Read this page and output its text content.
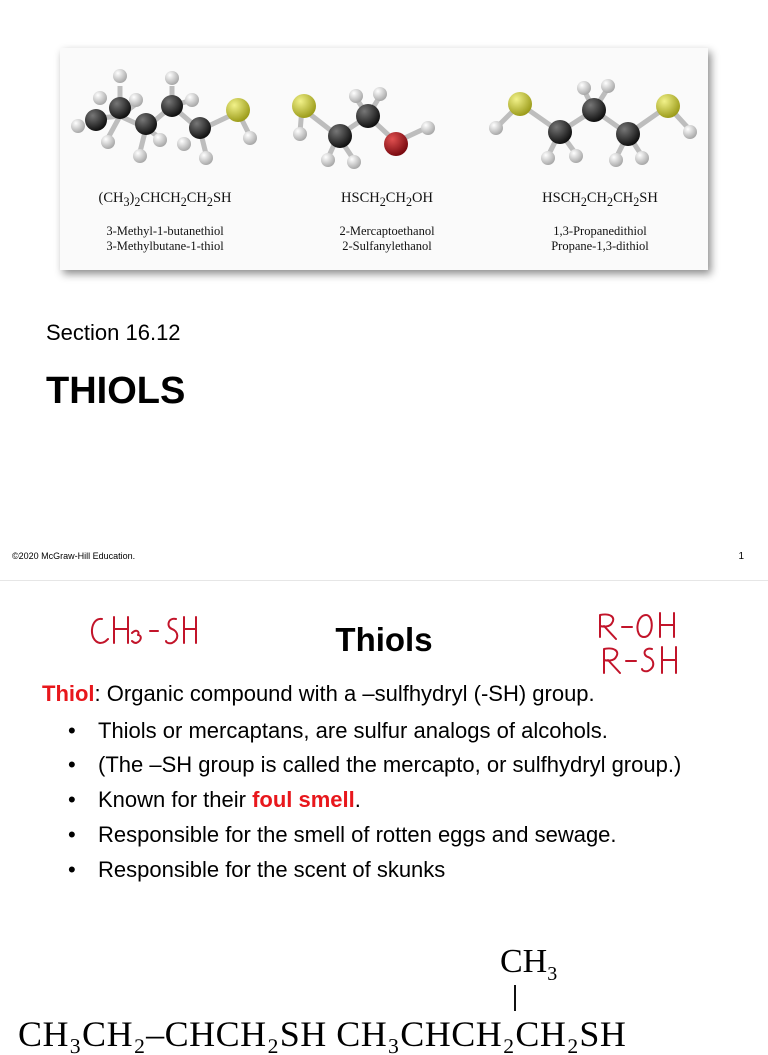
$(CH_3)_2CHCH_2CH_2SH$
3-Methyl-1-butanethiol
3-Methylbutane-1-thiol
$HSCH_2CH_2OH$
2-Mercaptoethanol
2-Sulfanylethanol
$HSCH_2CH_2CH_2SH$
1,3-Propanedithiol
Propane-1,3-dithiol
Section 16.12
THIOLS
©2020 McGraw-Hill Education.	1
Thiols
Thiol: Organic compound with a –sulfhydryl (-SH) group.
• Thiols or mercaptans, are sulfur analogs of alcohols.
• (The –SH group is called the mercapto, or sulfhydryl group.)
• Known for their foul smell.
• Responsible for the smell of rotten eggs and sewage.
• Responsible for the scent of skunks
$CH_3$
CH₃CH₂–CHCH₂SH CH₃CHCH₂CH₂SH
